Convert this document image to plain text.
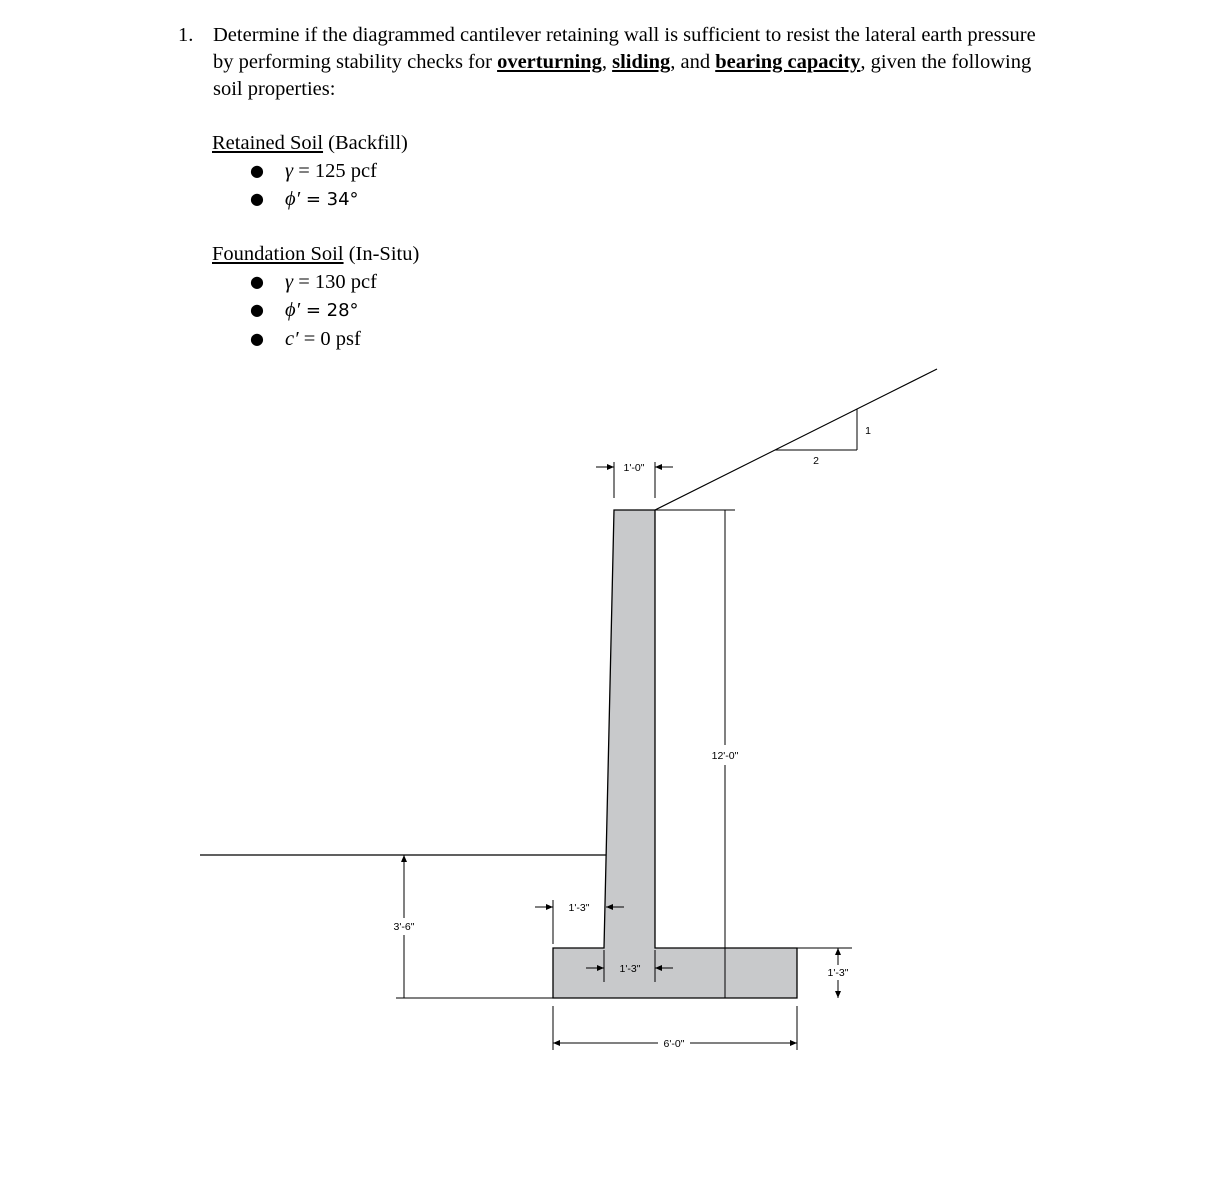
1. Determine if the diagrammed cantilever retaining wall is sufficient to resist the lateral earth pressure by performing stability checks for overturning, sliding, and bearing capacity, given the following soil properties:
Retained Soil (Backfill)
● γ = 125 pcf
● ϕ′ = 34°
Foundation Soil (In-Situ)
● γ = 130 pcf
● ϕ′ = 28°
● c′ = 0 psf
2
1
1'-0"
12'-0"
1'-3"
1'-3"	1'-3"
3'-6"
6'-0"
